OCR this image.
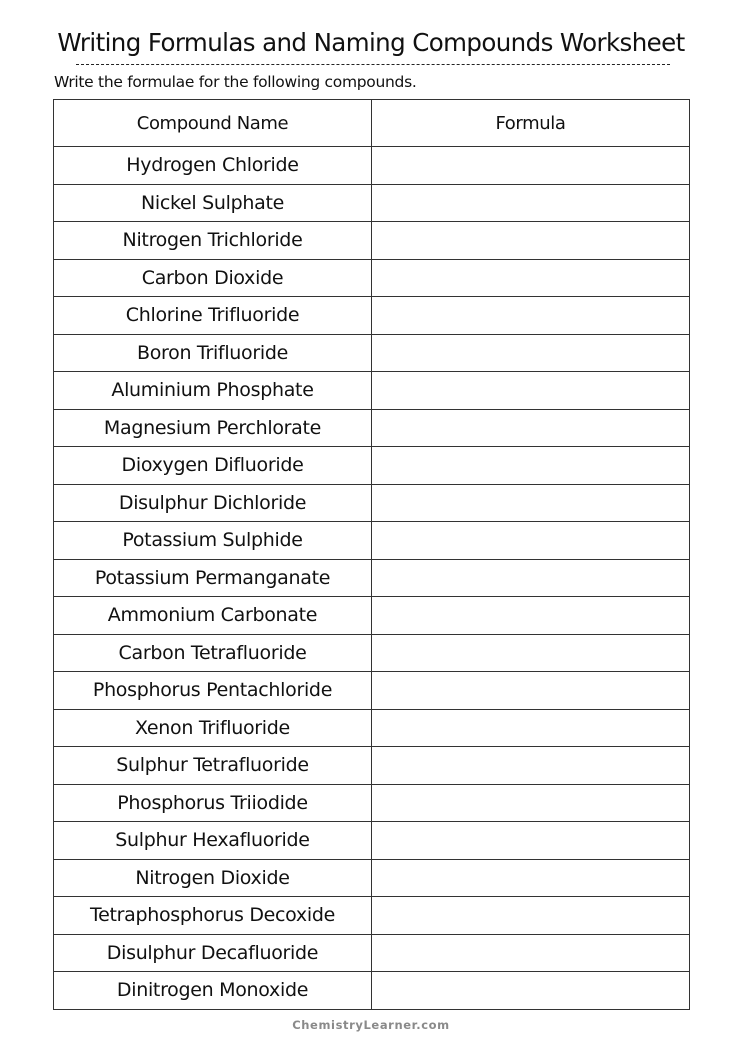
Writing Formulas and Naming Compounds Worksheet
Write the formulae for the following compounds.
Compound Name	Formula
Hydrogen Chloride	
Nickel Sulphate	
Nitrogen Trichloride	
Carbon Dioxide	
Chlorine Trifluoride	
Boron Trifluoride	
Aluminium Phosphate	
Magnesium Perchlorate	
Dioxygen Difluoride	
Disulphur Dichloride	
Potassium Sulphide	
Potassium Permanganate	
Ammonium Carbonate	
Carbon Tetrafluoride	
Phosphorus Pentachloride	
Xenon Trifluoride	
Sulphur Tetrafluoride	
Phosphorus Triiodide	
Sulphur Hexafluoride	
Nitrogen Dioxide	
Tetraphosphorus Decoxide	
Disulphur Decafluoride	
Dinitrogen Monoxide	
ChemistryLearner.com
